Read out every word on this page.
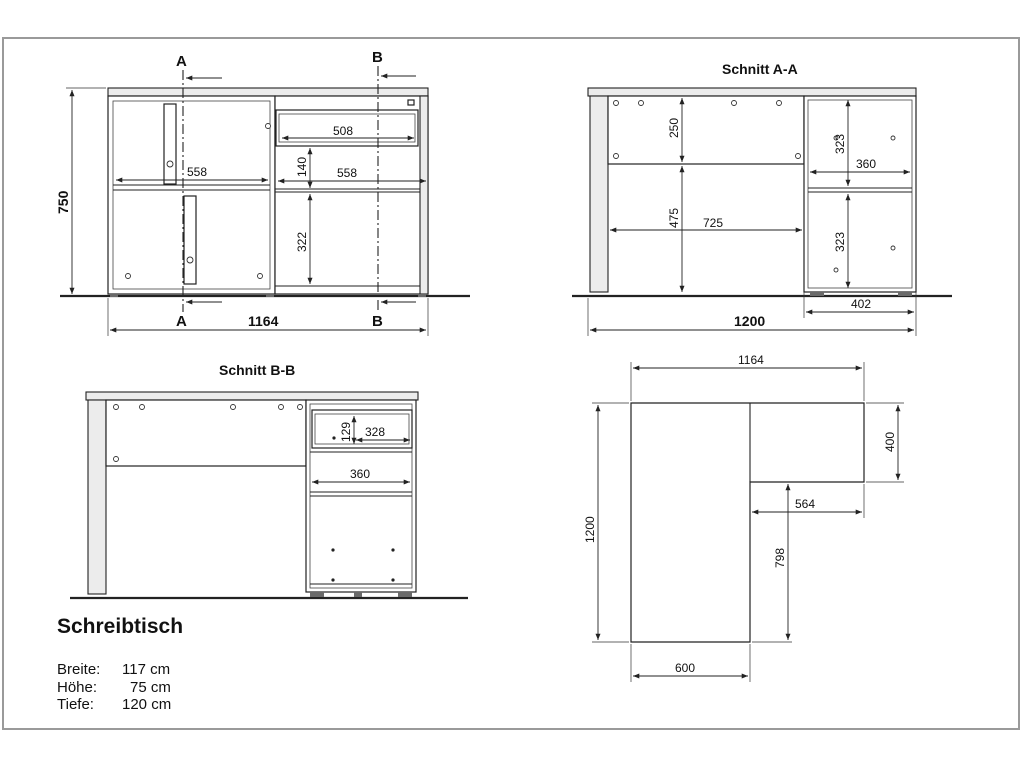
A	B
A	B
750
1164
508
558	558
140
322
Schnitt A-A
250
475 725
323
323
360
402
1200
Schnitt B-B
129 328
360
1164
400
564
1200
798
600
Schreibtisch
Breite: 117 cm
Höhe: 75 cm
Tiefe: 120 cm
